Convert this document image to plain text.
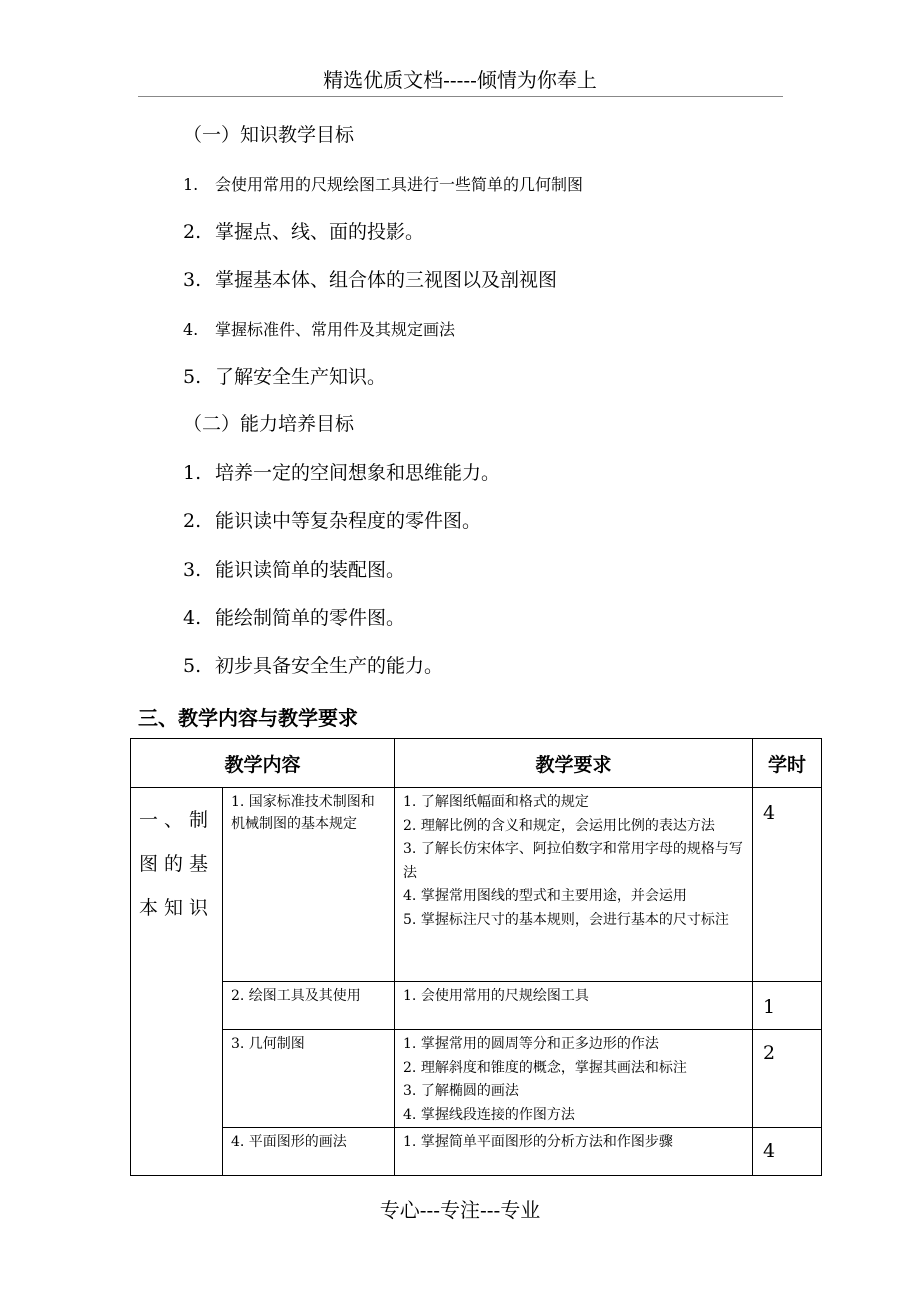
精选优质文档-----倾情为你奉上
（一）知识教学目标
1. 会使用常用的尺规绘图工具进行一些简单的几何制图
2. 掌握点、线、面的投影。
3. 掌握基本体、组合体的三视图以及剖视图
4. 掌握标准件、常用件及其规定画法
5. 了解安全生产知识。
（二）能力培养目标
1. 培养一定的空间想象和思维能力。
2. 能识读中等复杂程度的零件图。
3. 能识读简单的装配图。
4. 能绘制简单的零件图。
5. 初步具备安全生产的能力。
三、教学内容与教学要求
教学内容		教学要求	学时
一、制图的基本知识	1. 国家标准技术制图和机械制图的基本规定	1. 了解图纸幅面和格式的规定
2. 理解比例的含义和规定，会运用比例的表达方法
3. 了解长仿宋体字、阿拉伯数字和常用字母的规格与写法
4. 掌握常用图线的型式和主要用途，并会运用
5. 掌握标注尺寸的基本规则，会进行基本的尺寸标注	4
	2. 绘图工具及其使用	1. 会使用常用的尺规绘图工具	1
	3. 几何制图	1. 掌握常用的圆周等分和正多边形的作法
2. 理解斜度和锥度的概念，掌握其画法和标注
3. 了解椭圆的画法
4. 掌握线段连接的作图方法	2
	4. 平面图形的画法	1. 掌握简单平面图形的分析方法和作图步骤	4
专心---专注---专业
